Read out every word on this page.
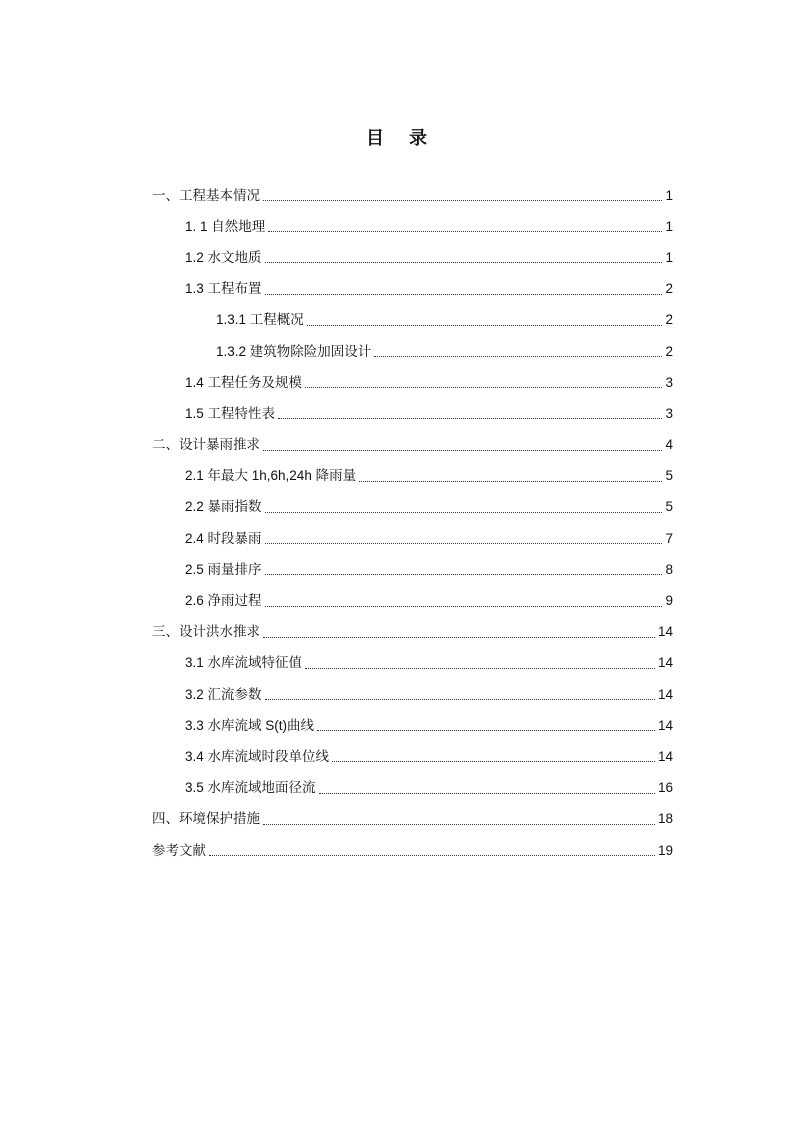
目 录
一、工程基本情况	1
1. 1 自然地理	1
1.2 水文地质	1
1.3 工程布置	2
1.3.1 工程概况	2
1.3.2 建筑物除险加固设计	2
1.4 工程任务及规模	3
1.5 工程特性表	3
二、设计暴雨推求	4
2.1 年最大 1h,6h,24h 降雨量	5
2.2 暴雨指数	5
2.4 时段暴雨	7
2.5 雨量排序	8
2.6 净雨过程	9
三、设计洪水推求	14
3.1 水库流域特征值	14
3.2 汇流参数	14
3.3 水库流域 S(t)曲线	14
3.4 水库流域时段单位线	14
3.5 水库流域地面径流	16
四、环境保护措施	18
参考文献	19
